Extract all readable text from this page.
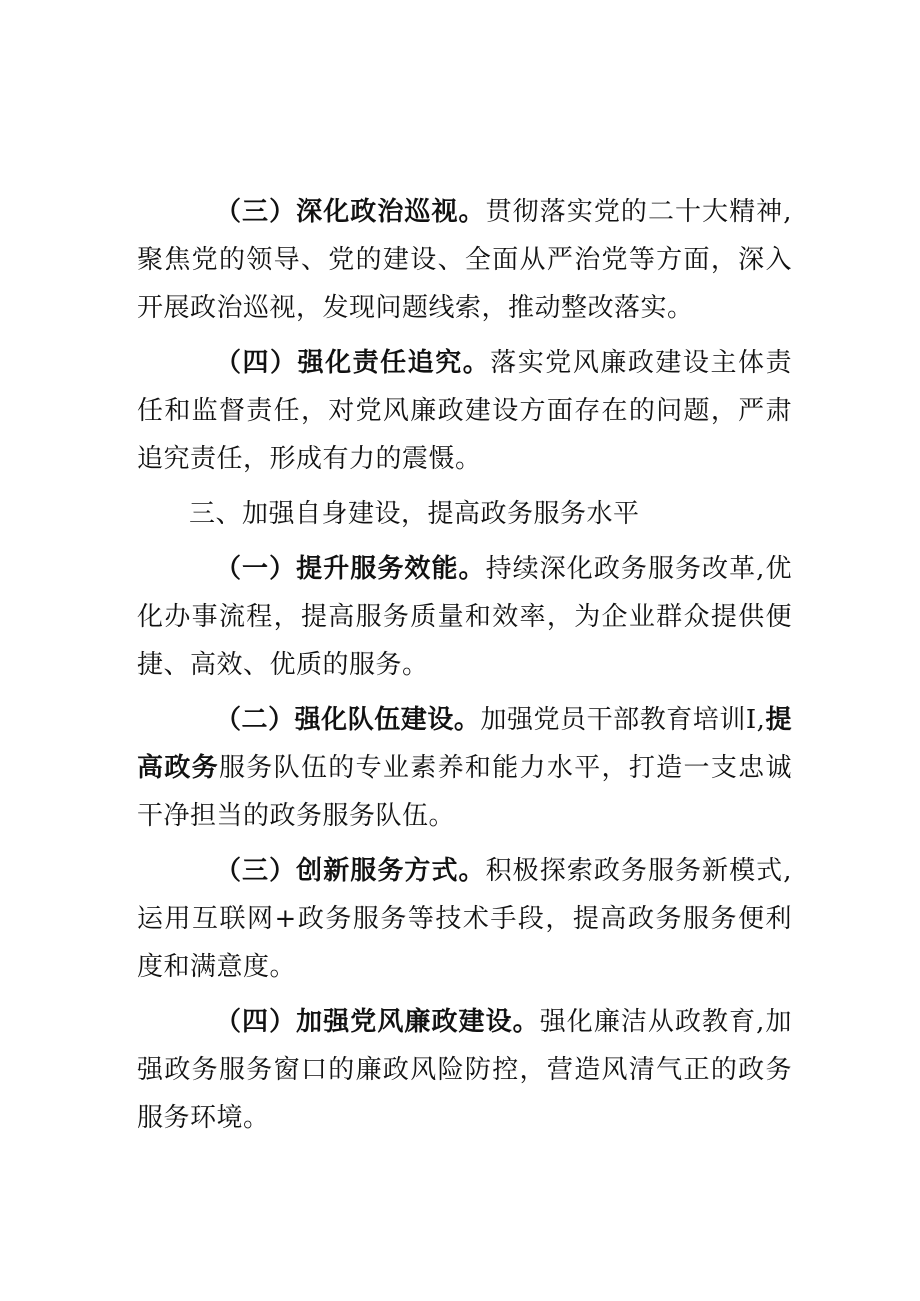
（三）深化政治巡视。贯彻落实党的二十大精神,聚焦党的领导、党的建设、全面从严治党等方面，深入开展政治巡视，发现问题线索，推动整改落实。

（四）强化责任追究。落实党风廉政建设主体责任和监督责任，对党风廉政建设方面存在的问题，严肃追究责任，形成有力的震慑。

三、加强自身建设，提高政务服务水平

（一）提升服务效能。持续深化政务服务改革,优化办事流程，提高服务质量和效率，为企业群众提供便捷、高效、优质的服务。

（二）强化队伍建设。加强党员干部教育培训I,提高政务服务队伍的专业素养和能力水平，打造一支忠诚干净担当的政务服务队伍。

（三）创新服务方式。积极探索政务服务新模式,运用互联网+政务服务等技术手段，提高政务服务便利度和满意度。

（四）加强党风廉政建设。强化廉洁从政教育,加强政务服务窗口的廉政风险防控，营造风清气正的政务服务环境。
